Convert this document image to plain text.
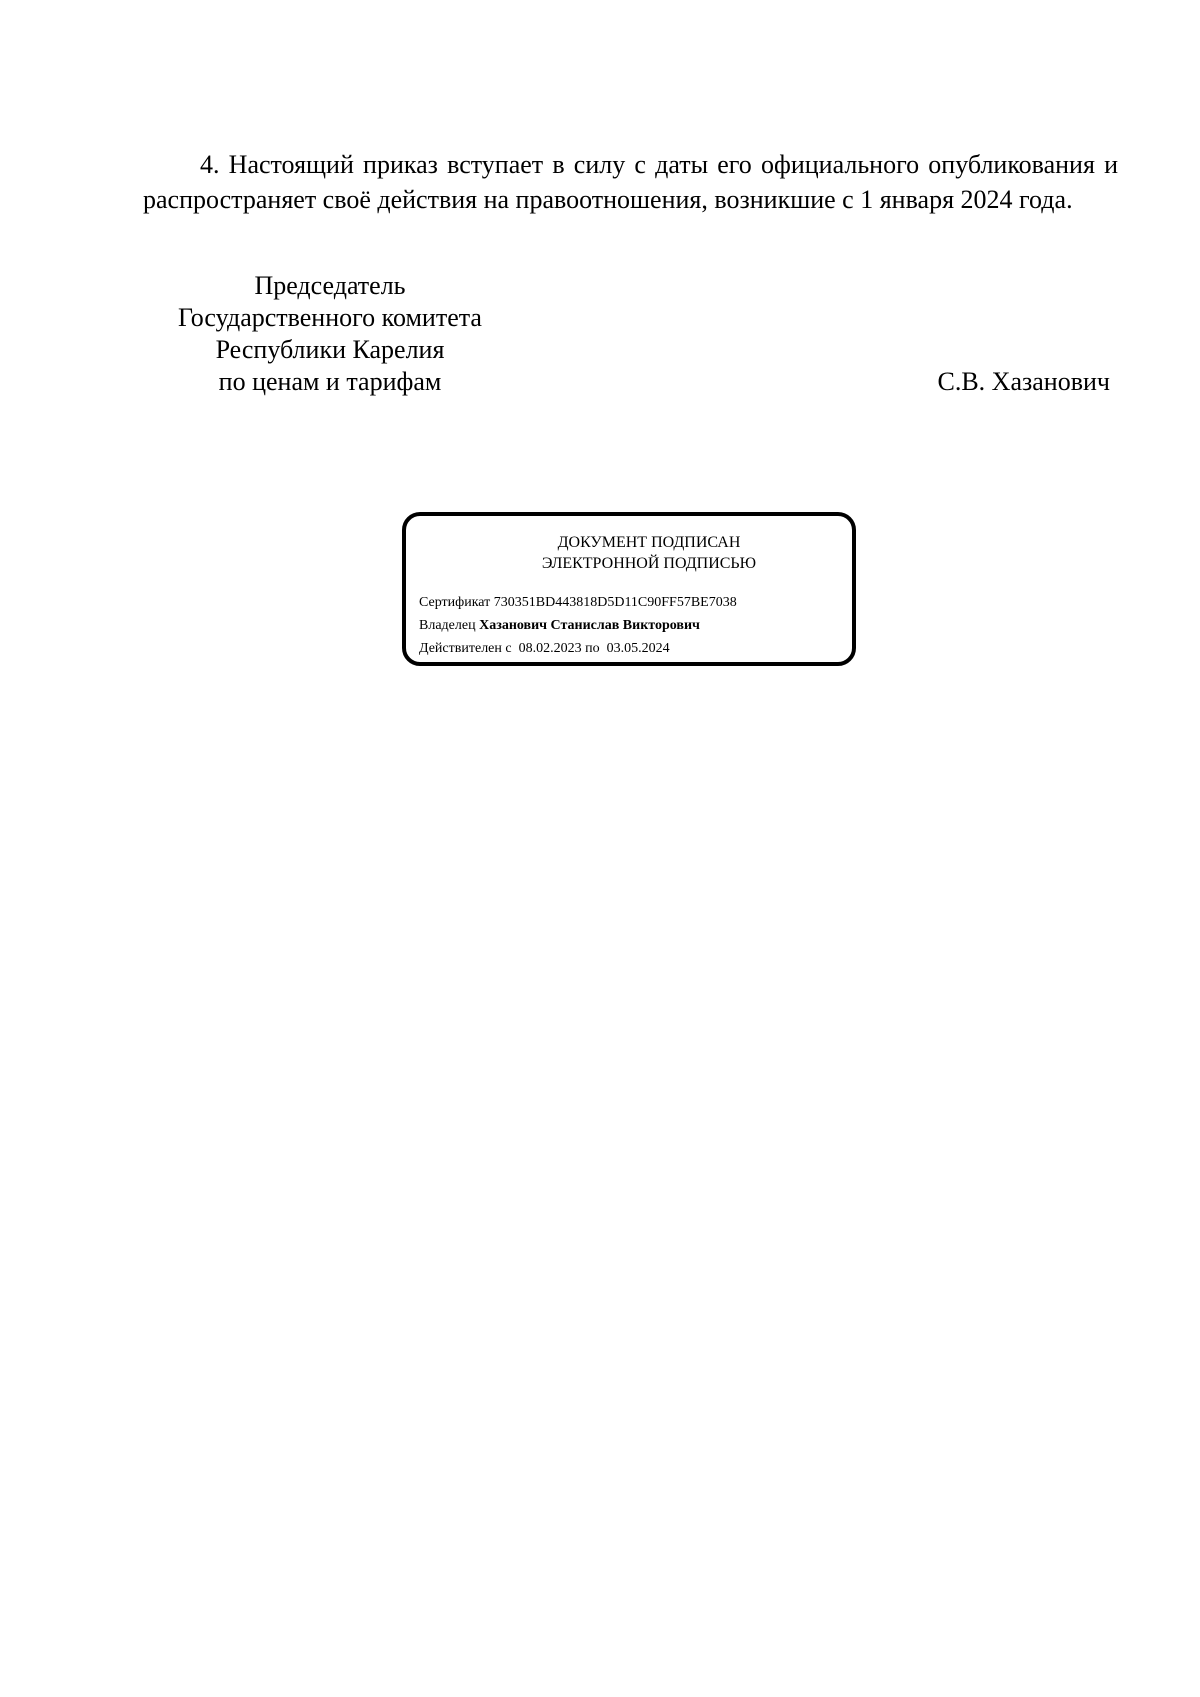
4. Настоящий приказ вступает в силу с даты его официального опубликования и распространяет своё действия на правоотношения, возникшие с 1 января 2024 года.

Председатель
Государственного комитета
Республики Карелия
по ценам и тарифам	С.В. Хазанович
ДОКУМЕНТ ПОДПИСАН
ЭЛЕКТРОННОЙ ПОДПИСЬЮ
Сертификат 730351BD443818D5D11C90FF57BE7038
Владелец Хазанович Станислав Викторович
Действителен с 08.02.2023 по 03.05.2024
